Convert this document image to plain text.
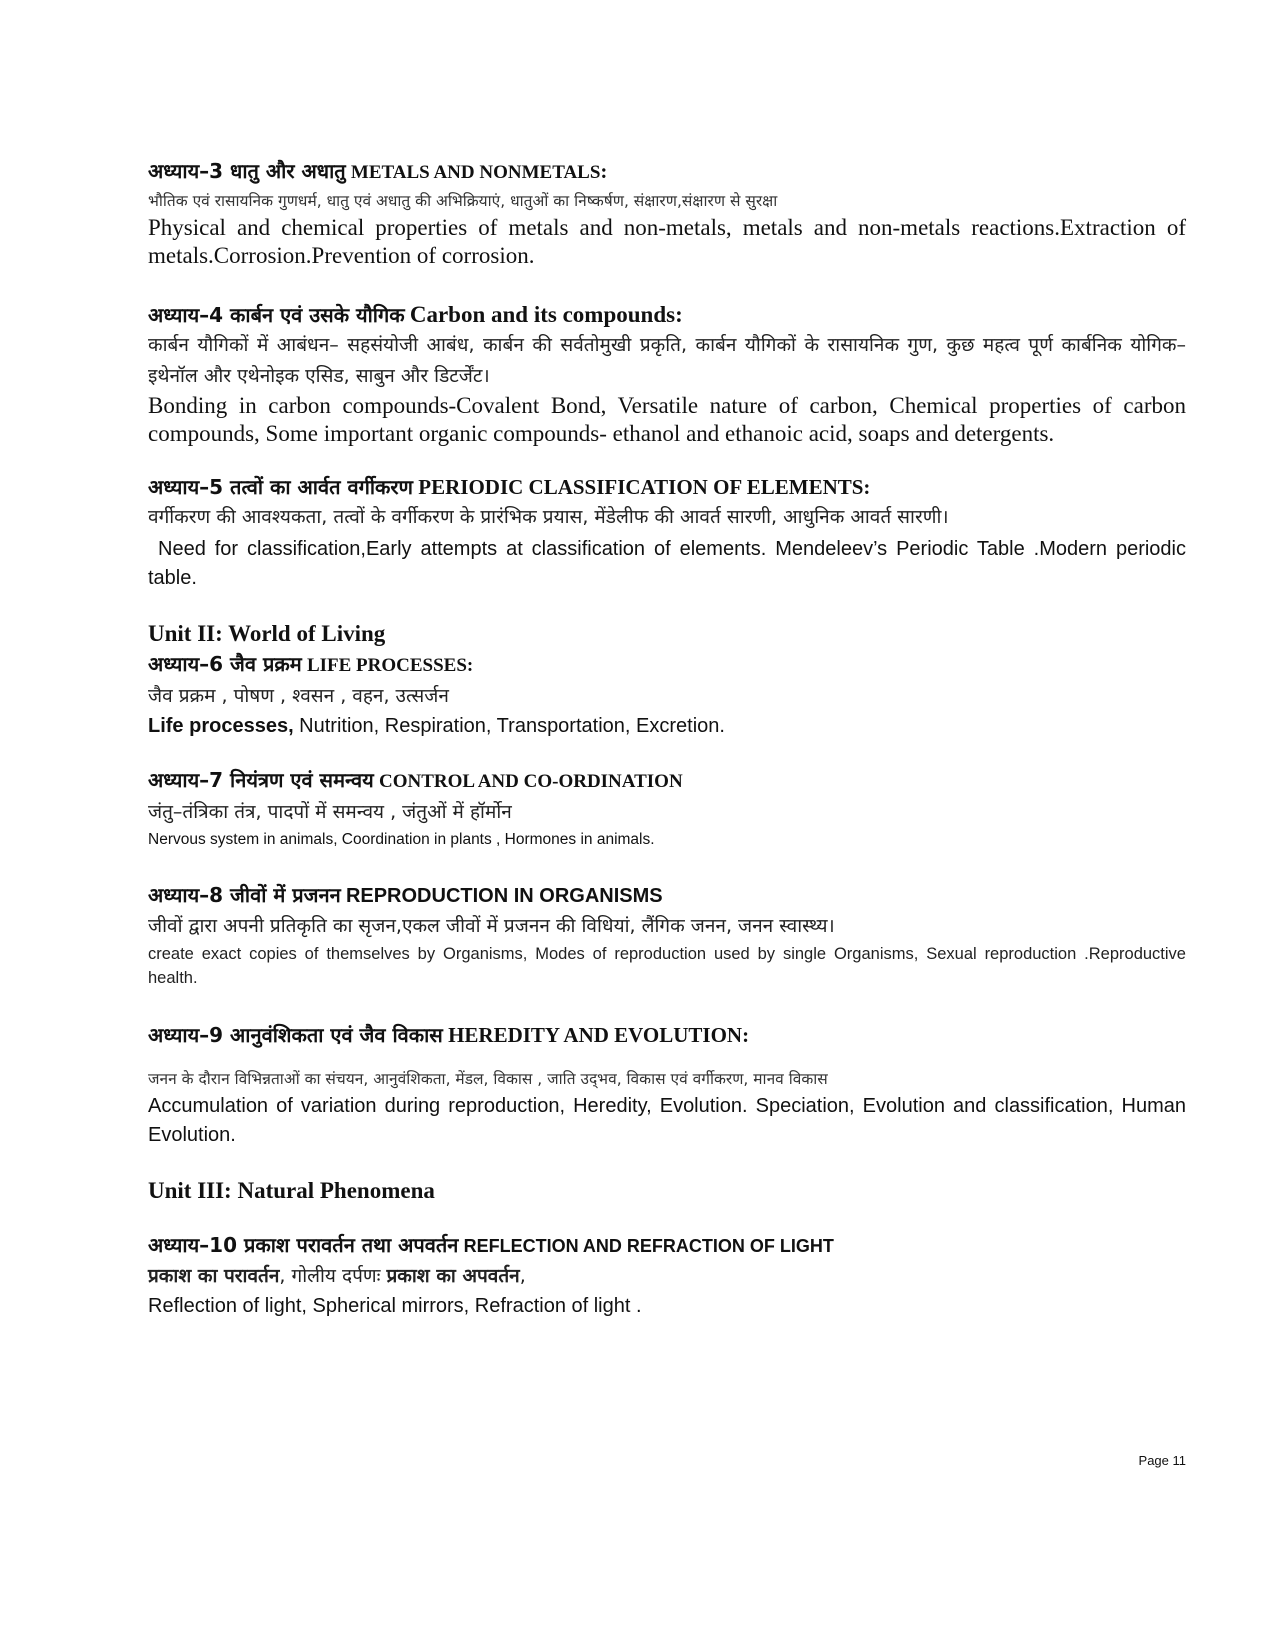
अध्याय–3 धातु और अधातु METALS AND NONMETALS:

भौतिक एवं रासायनिक गुणधर्म, धातु एवं अधातु की अभिक्रियाएं, धातुओं का निष्कर्षण, संक्षारण,संक्षारण से सुरक्षा

Physical and chemical properties of metals and non-metals, metals and non-metals reactions.Extraction of metals.Corrosion.Prevention of corrosion.

अध्याय–4 कार्बन एवं उसके यौगिक Carbon and its compounds:

कार्बन यौगिकों में आबंधन– सहसंयोजी आबंध, कार्बन की सर्वतोमुखी प्रकृति, कार्बन यौगिकों के रासायनिक गुण, कुछ महत्व पूर्ण कार्बनिक योगिक– इथेनॉल और एथेनोइक एसिड, साबुन और डिटर्जेंट।

Bonding in carbon compounds-Covalent Bond, Versatile nature of carbon, Chemical properties of carbon compounds, Some important organic compounds- ethanol and ethanoic acid, soaps and detergents.

अध्याय–5 तत्वों का आर्वत वर्गीकरण PERIODIC CLASSIFICATION OF ELEMENTS:

वर्गीकरण की आवश्यकता, तत्वों के वर्गीकरण के प्रारंभिक प्रयास, मेंडेलीफ की आवर्त सारणी, आधुनिक आवर्त सारणी।

Need for classification,Early attempts at classification of elements. Mendeleev’s Periodic Table .Modern periodic table.

Unit II: World of Living
अध्याय–6 जैव प्रक्रम LIFE PROCESSES:

जैव प्रक्रम , पोषण , श्वसन , वहन, उत्सर्जन

Life processes, Nutrition, Respiration, Transportation, Excretion.

अध्याय–7 नियंत्रण एवं समन्वय CONTROL AND CO-ORDINATION

जंतु–तंत्रिका तंत्र, पादपों में समन्वय , जंतुओं में हॉर्मोन

Nervous system in animals, Coordination in plants , Hormones in animals.

अध्याय–8 जीवों में प्रजनन REPRODUCTION IN ORGANISMS

जीवों द्वारा अपनी प्रतिकृति का सृजन,एकल जीवों में प्रजनन की विधियां, लैंगिक जनन, जनन स्वास्थ्य।

create exact copies of themselves by Organisms, Modes of reproduction used by single Organisms, Sexual reproduction .Reproductive health.

अध्याय–9 आनुवंशिकता एवं जैव विकास HEREDITY AND EVOLUTION:

जनन के दौरान विभिन्नताओं का संचयन, आनुवंशिकता, मेंडल, विकास , जाति उद्‌भव, विकास एवं वर्गीकरण, मानव विकास

Accumulation of variation during reproduction, Heredity, Evolution. Speciation, Evolution and classification, Human Evolution.

Unit III: Natural Phenomena
अध्याय–10 प्रकाश परावर्तन तथा अपवर्तन REFLECTION AND REFRACTION OF LIGHT

प्रकाश का परावर्तन, गोलीय दर्पणः प्रकाश का अपवर्तन,

Reflection of light, Spherical mirrors, Refraction of light .

Page 11
